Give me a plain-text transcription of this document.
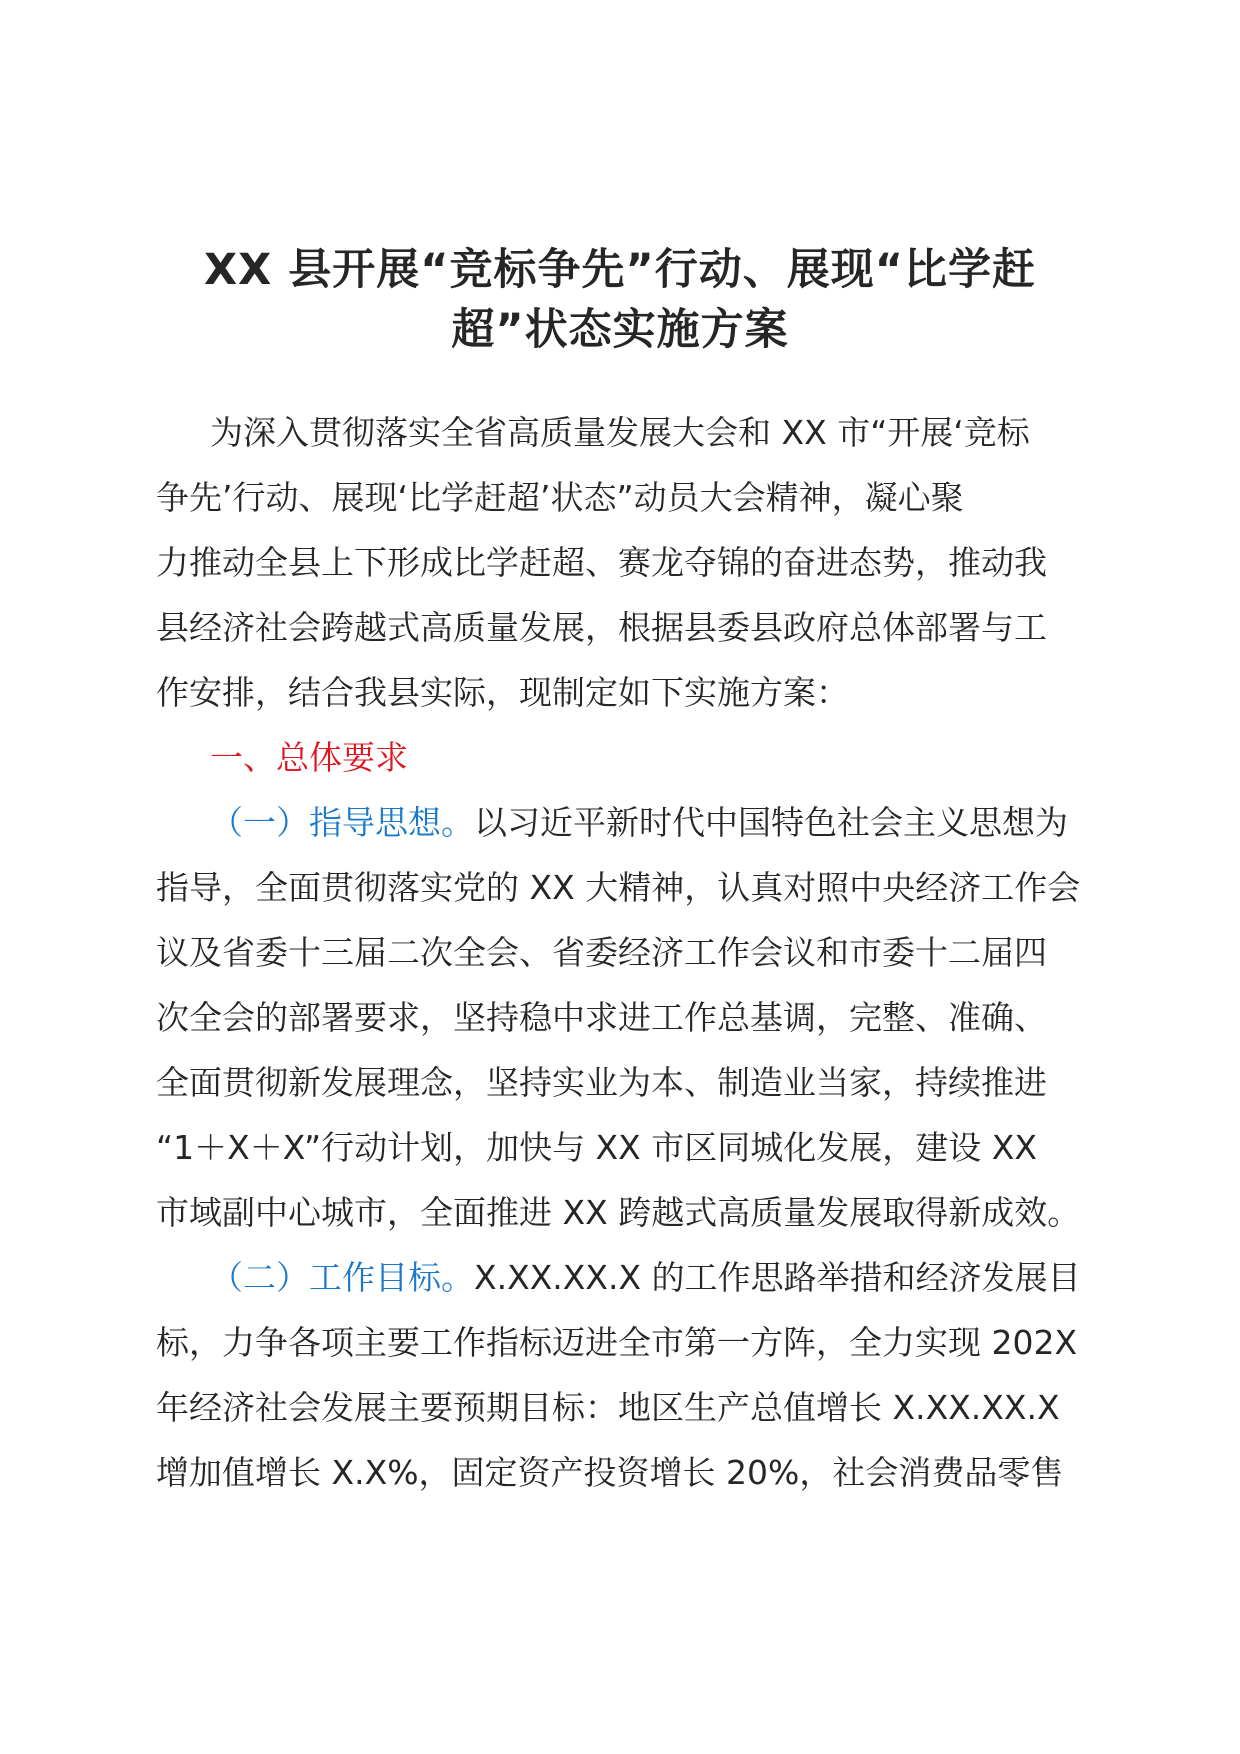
XX 县开展“竞标争先”行动、展现“比学赶
超”状态实施方案
为深入贯彻落实全省高质量发展大会和 XX 市“开展‘竞标
争先’行动、展现‘比学赶超’状态”动员大会精神，凝心聚
力推动全县上下形成比学赶超、赛龙夺锦的奋进态势，推动我
县经济社会跨越式高质量发展，根据县委县政府总体部署与工
作安排，结合我县实际，现制定如下实施方案：
一、总体要求
（一）指导思想。以习近平新时代中国特色社会主义思想为
指导，全面贯彻落实党的 XX 大精神，认真对照中央经济工作会
议及省委十三届二次全会、省委经济工作会议和市委十二届四
次全会的部署要求，坚持稳中求进工作总基调，完整、准确、
全面贯彻新发展理念，坚持实业为本、制造业当家，持续推进
“1＋X＋X”行动计划，加快与 XX 市区同城化发展，建设 XX
市域副中心城市，全面推进 XX 跨越式高质量发展取得新成效。
（二）工作目标。X.XX.XX.X 的工作思路举措和经济发展目
标，力争各项主要工作指标迈进全市第一方阵，全力实现 202X
年经济社会发展主要预期目标：地区生产总值增长 X.XX.XX.X
增加值增长 X.X%，固定资产投资增长 20%，社会消费品零售
